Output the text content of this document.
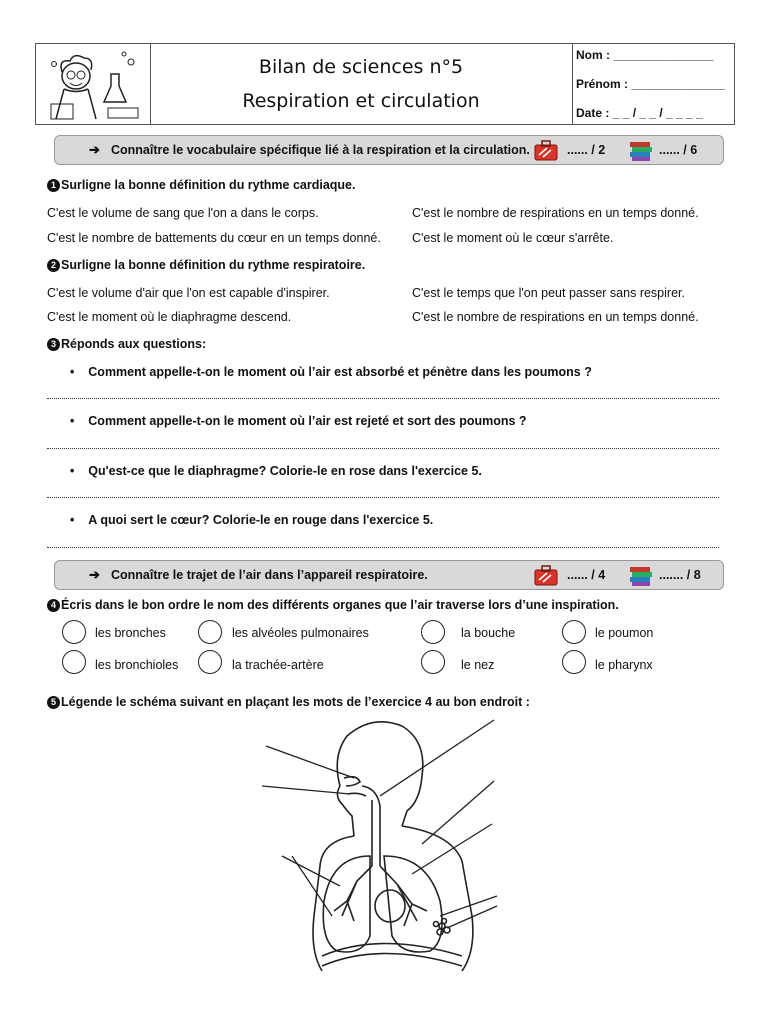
Bilan de sciences n°5
Respiration et circulation
Nom : _______________
Prénom : ______________
Date : _ _ / _ _ / _ _ _ _
➔ Connaître le vocabulaire spécifique lié à la respiration et la circulation.	...... / 2	...... / 6
1 Surligne la bonne définition du rythme cardiaque.
C'est le volume de sang que l'on a dans le corps.	C'est le nombre de respirations en un temps donné.
C'est le nombre de battements du cœur en un temps donné. C'est le moment où le cœur s'arrête.
2 Surligne la bonne définition du rythme respiratoire.
C'est le volume d'air que l'on est capable d'inspirer.	C'est le temps que l'on peut passer sans respirer.
C'est le moment où le diaphragme descend.	C'est le nombre de respirations en un temps donné.
3 Réponds aux questions:
•    Comment appelle-t-on le moment où l’air est absorbé et pénètre dans les poumons ?
•    Comment appelle-t-on le moment où l’air est rejeté et sort des poumons ?
•    Qu'est-ce que le diaphragme? Colorie-le en rose dans l'exercice 5.
•    A quoi sert le cœur? Colorie-le en rouge dans l'exercice 5.
➔ Connaître le trajet de l’air dans l’appareil respiratoire.	...... / 4	....... / 8
4 Écris dans le bon ordre le nom des différents organes que l’air traverse lors d’une inspiration.
les bronches	les alvéoles pulmonaires	la bouche	le poumon
les bronchioles	la trachée-artère	le nez	le pharynx
5 Légende le schéma suivant en plaçant les mots de l’exercice 4 au bon endroit :
